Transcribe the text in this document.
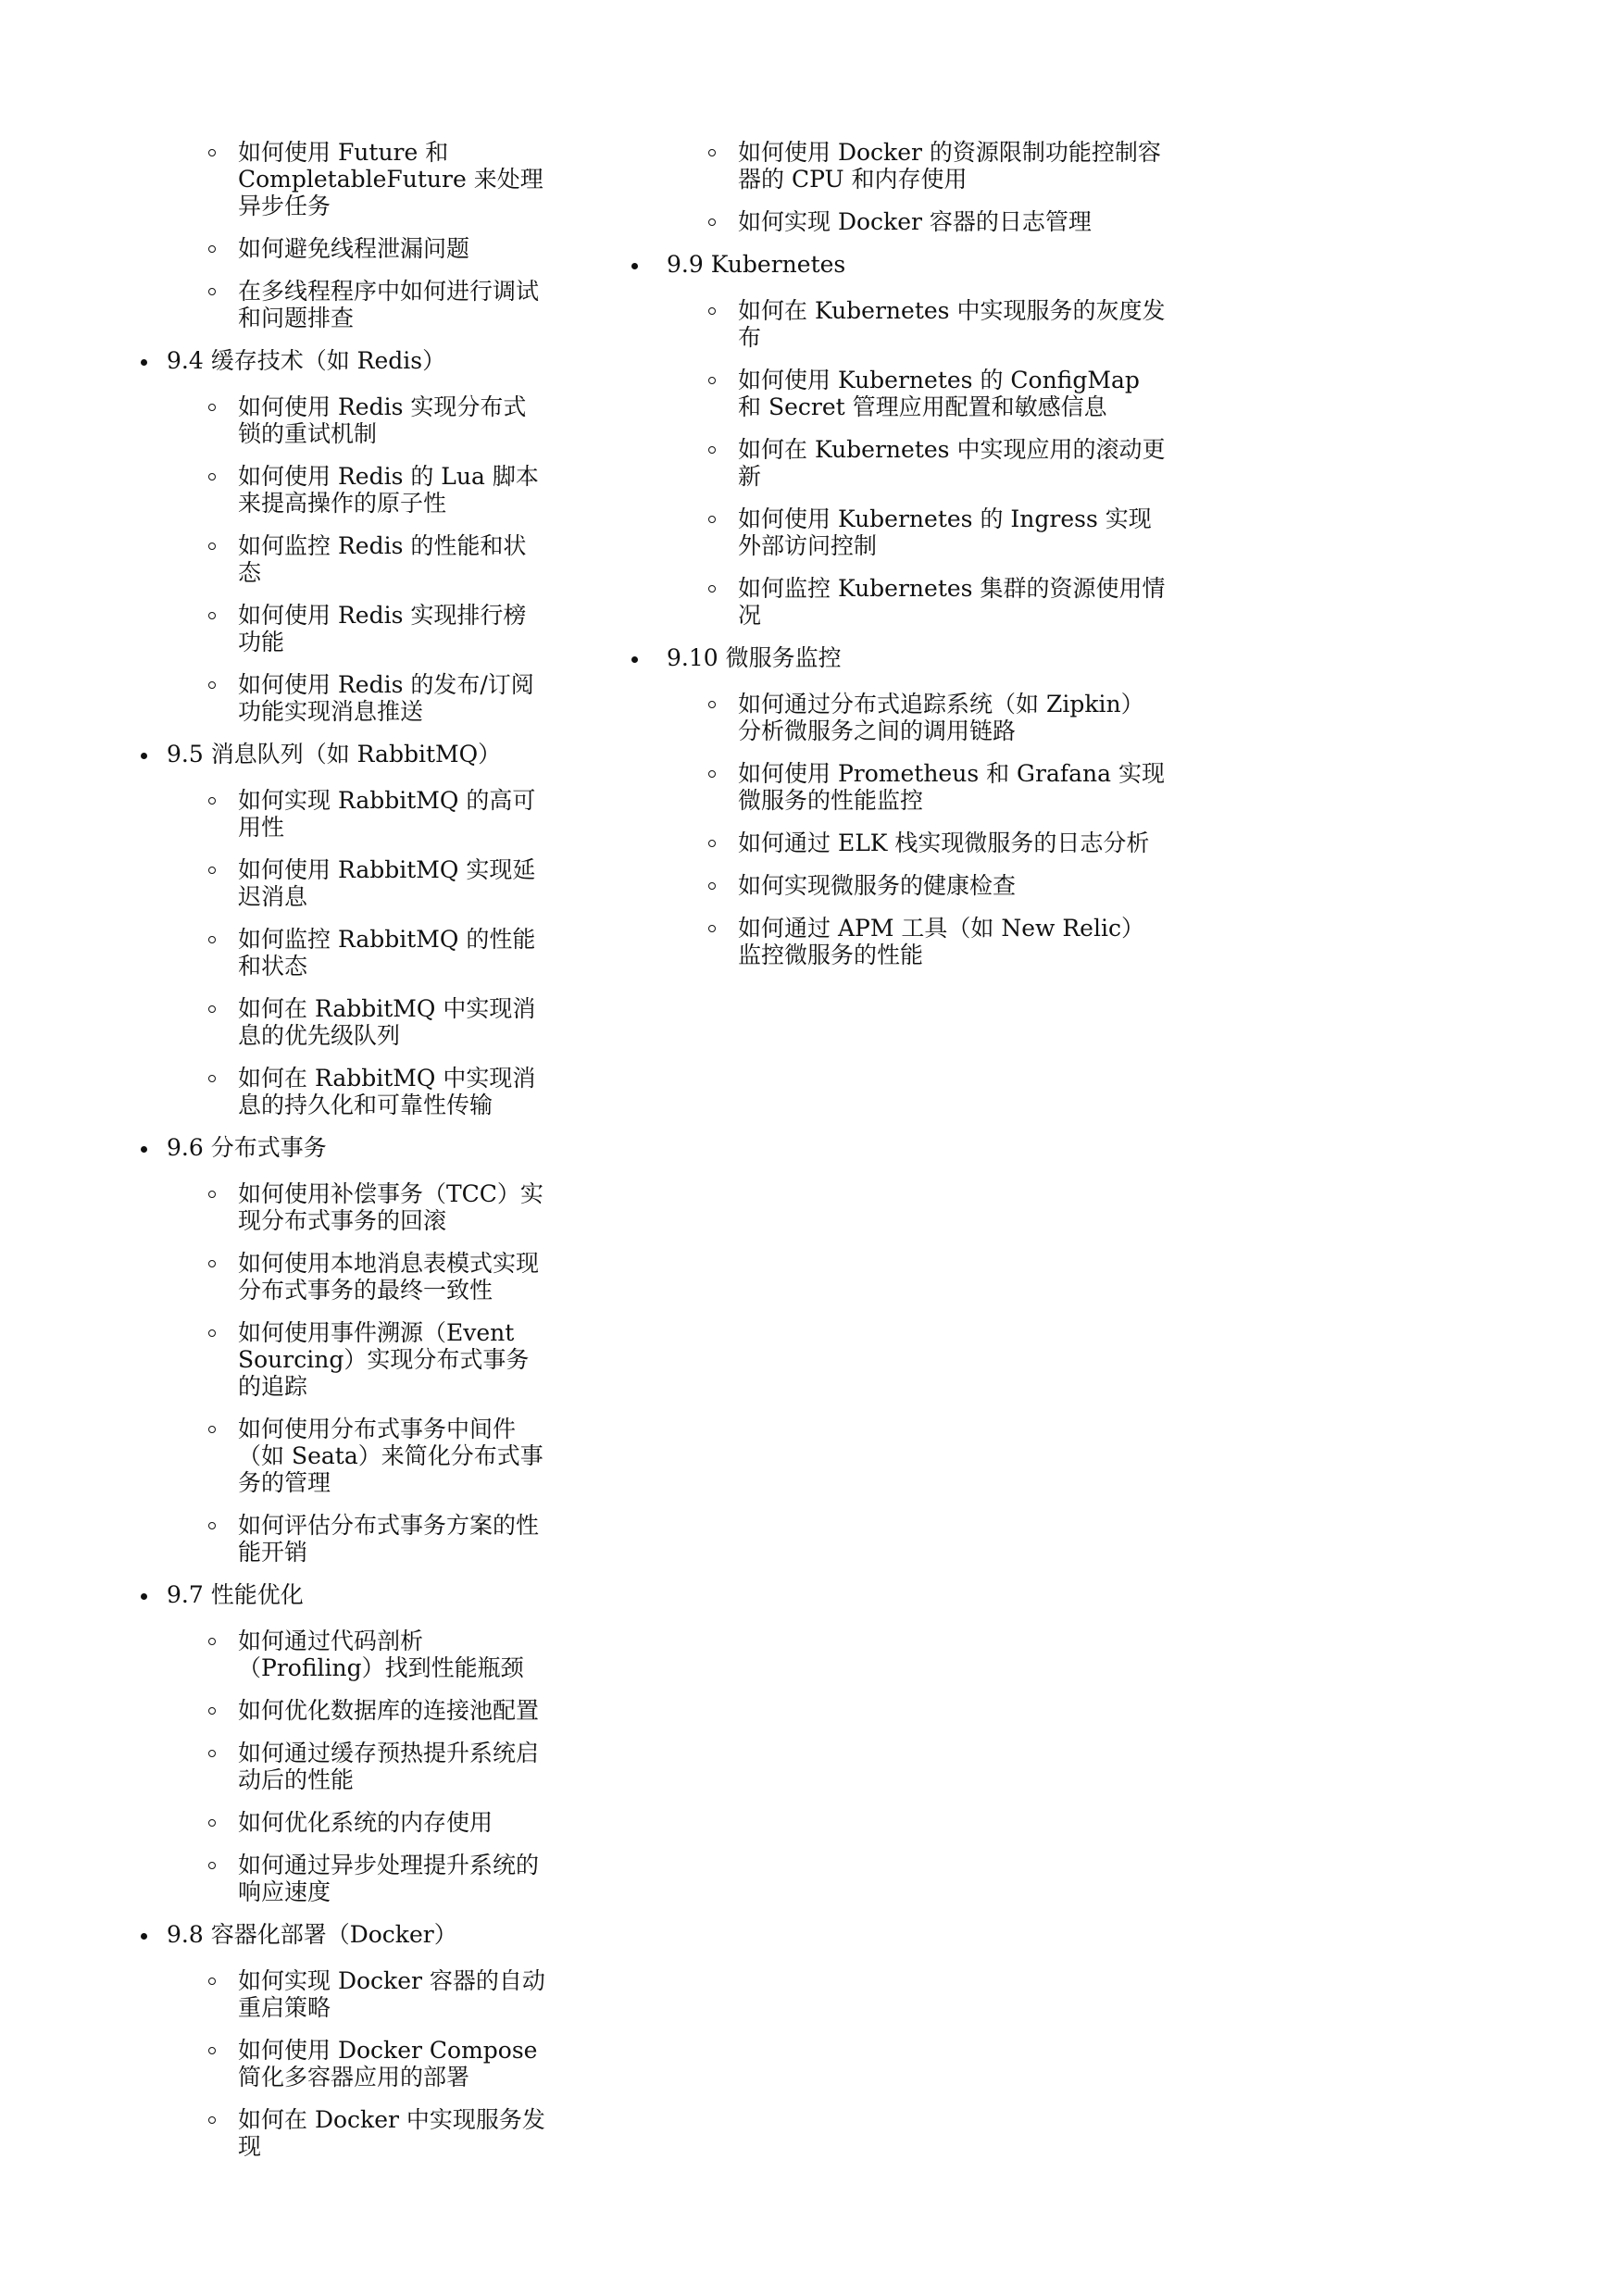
如何使用 Future 和 CompletableFuture 来处理异步任务
如何避免线程泄漏问题
在多线程程序中如何进行调试和问题排查
9.4 缓存技术（如 Redis）
如何使用 Redis 实现分布式锁的重试机制
如何使用 Redis 的 Lua 脚本来提高操作的原子性
如何监控 Redis 的性能和状态
如何使用 Redis 实现排行榜功能
如何使用 Redis 的发布/订阅功能实现消息推送
9.5 消息队列（如 RabbitMQ）
如何实现 RabbitMQ 的高可用性
如何使用 RabbitMQ 实现延迟消息
如何监控 RabbitMQ 的性能和状态
如何在 RabbitMQ 中实现消息的优先级队列
如何在 RabbitMQ 中实现消息的持久化和可靠性传输
9.6 分布式事务
如何使用补偿事务（TCC）实现分布式事务的回滚
如何使用本地消息表模式实现分布式事务的最终一致性
如何使用事件溯源（Event Sourcing）实现分布式事务的追踪
如何使用分布式事务中间件（如 Seata）来简化分布式事务的管理
如何评估分布式事务方案的性能开销
9.7 性能优化
如何通过代码剖析（Profiling）找到性能瓶颈
如何优化数据库的连接池配置
如何通过缓存预热提升系统启动后的性能
如何优化系统的内存使用
如何通过异步处理提升系统的响应速度
9.8 容器化部署（Docker）
如何实现 Docker 容器的自动重启策略
如何使用 Docker Compose 简化多容器应用的部署
如何在 Docker 中实现服务发现
如何使用 Docker 的资源限制功能控制容器的 CPU 和内存使用
如何实现 Docker 容器的日志管理
9.9 Kubernetes
如何在 Kubernetes 中实现服务的灰度发布
如何使用 Kubernetes 的 ConfigMap 和 Secret 管理应用配置和敏感信息
如何在 Kubernetes 中实现应用的滚动更新
如何使用 Kubernetes 的 Ingress 实现外部访问控制
如何监控 Kubernetes 集群的资源使用情况
9.10 微服务监控
如何通过分布式追踪系统（如 Zipkin）分析微服务之间的调用链路
如何使用 Prometheus 和 Grafana 实现微服务的性能监控
如何通过 ELK 栈实现微服务的日志分析
如何实现微服务的健康检查
如何通过 APM 工具（如 New Relic）监控微服务的性能
